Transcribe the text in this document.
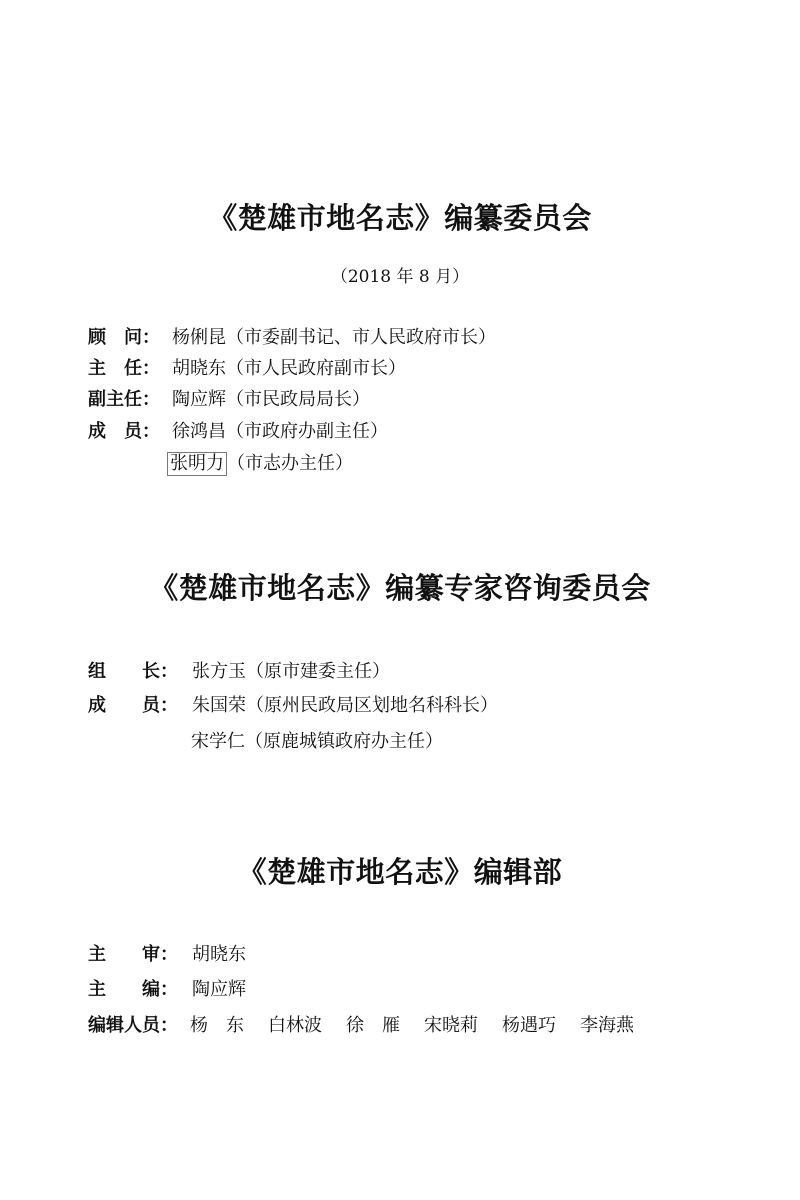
《楚雄市地名志》编纂委员会
（2018 年 8 月）
顾　问： 杨俐昆（市委副书记、市人民政府市长）
主　任： 胡晓东（市人民政府副市长）
副主任： 陶应辉（市民政局局长）
成　员： 徐鸿昌（市政府办副主任）
张明力 （市志办主任）
《楚雄市地名志》编纂专家咨询委员会
组　　长： 张方玉（原市建委主任）
成　　员： 朱国荣（原州民政局区划地名科科长）
宋学仁（原鹿城镇政府办主任）
《楚雄市地名志》编辑部
主　　审： 胡晓东
主　　编： 陶应辉
编辑人员： 杨　东 白林波 徐　雁 宋晓莉 杨遇巧 李海燕
